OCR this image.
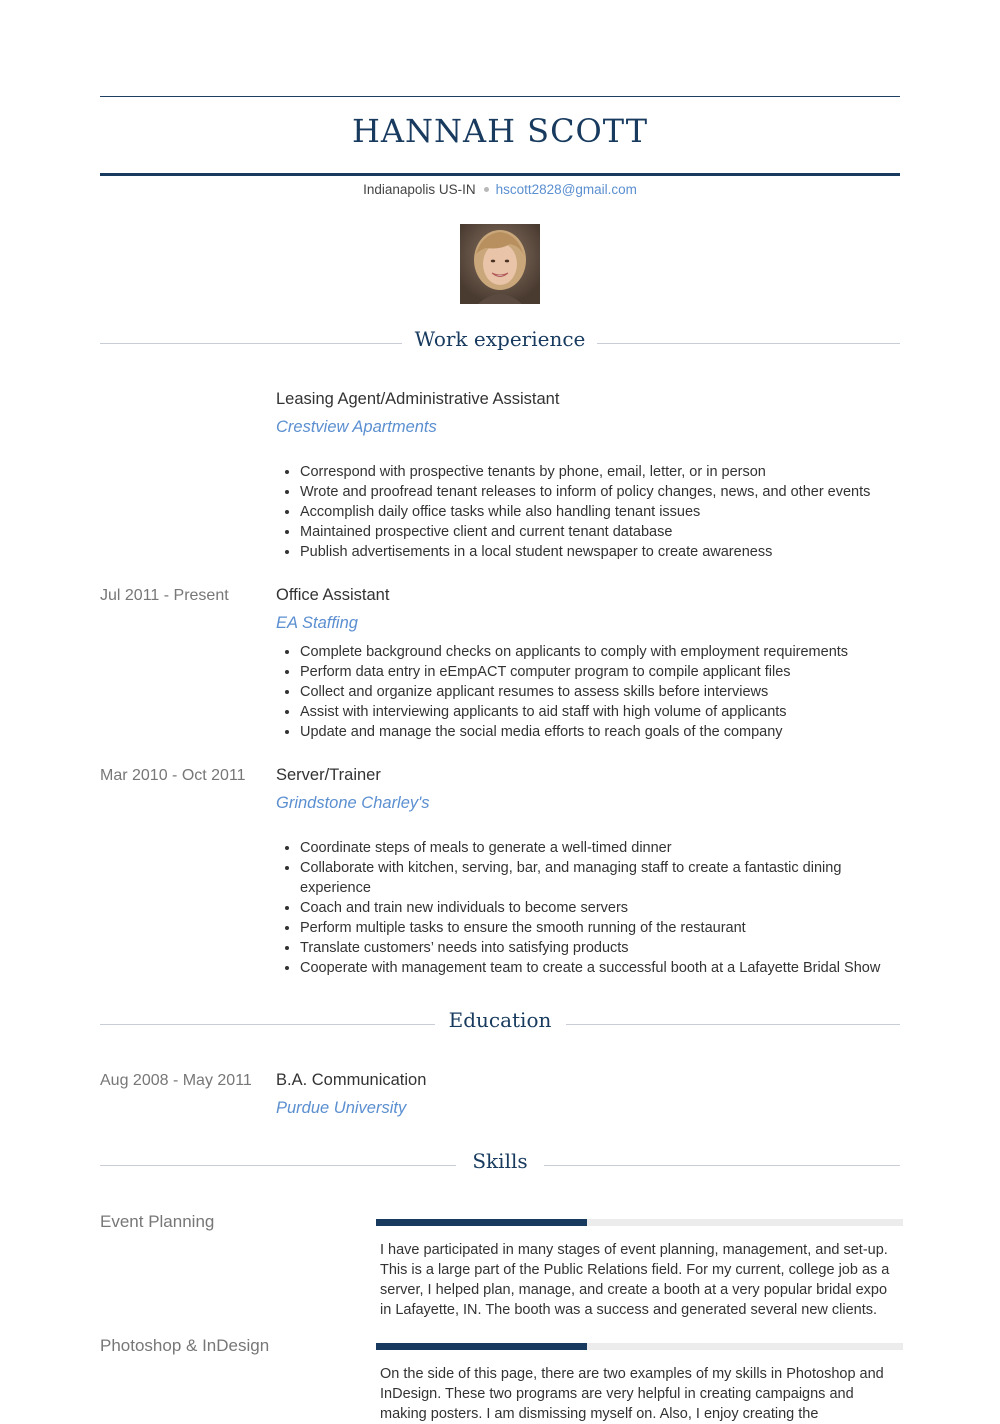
HANNAH SCOTT
Indianapolis US-IN hscott2828@gmail.com
Work experience
Leasing Agent/Administrative Assistant
Crestview Apartments
• Correspond with prospective tenants by phone, email, letter, or in person
• Wrote and proofread tenant releases to inform of policy changes, news, and other events
• Accomplish daily office tasks while also handling tenant issues
• Maintained prospective client and current tenant database
• Publish advertisements in a local student newspaper to create awareness
Jul 2011 - Present	Office Assistant
EA Staffing
• Complete background checks on applicants to comply with employment requirements
• Perform data entry in eEmpACT computer program to compile applicant files
• Collect and organize applicant resumes to assess skills before interviews
• Assist with interviewing applicants to aid staff with high volume of applicants
• Update and manage the social media efforts to reach goals of the company
Mar 2010 - Oct 2011 Server/Trainer
Grindstone Charley's
• Coordinate steps of meals to generate a well-timed dinner
• Collaborate with kitchen, serving, bar, and managing staff to create a fantastic dining experience
• Coach and train new individuals to become servers
• Perform multiple tasks to ensure the smooth running of the restaurant
• Translate customers’ needs into satisfying products
• Cooperate with management team to create a successful booth at a Lafayette Bridal Show
Education
Aug 2008 - May 2011 B.A. Communication
Purdue University
Skills
Event Planning
I have participated in many stages of event planning, management, and set-up. This is a large part of the Public Relations field. For my current, college job as a server, I helped plan, manage, and create a booth at a very popular bridal expo in Lafayette, IN. The booth was a success and generated several new clients.
Photoshop & InDesign
On the side of this page, there are two examples of my skills in Photoshop and InDesign. These two programs are very helpful in creating campaigns and making posters. I am dismissing myself on. Also, I enjoy creating the
